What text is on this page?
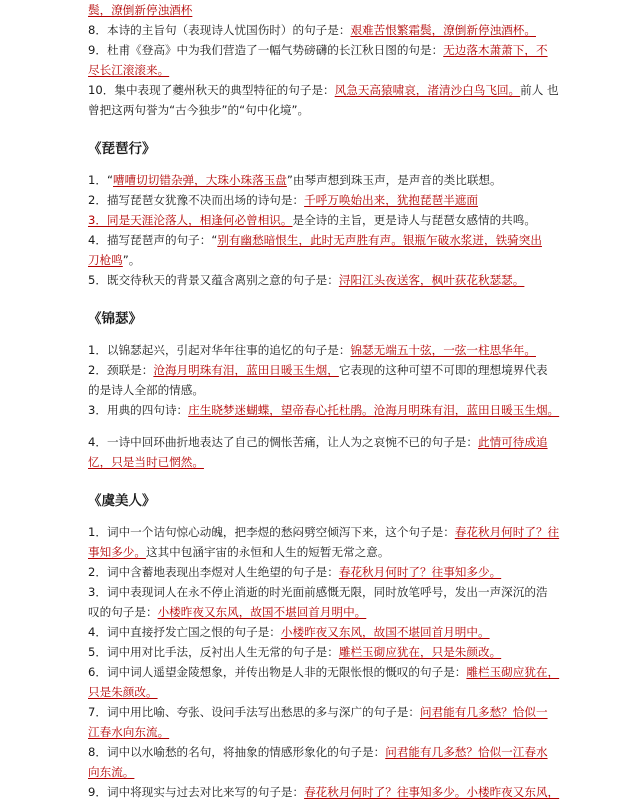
鬓，潦倒新停浊酒杯
8．本诗的主旨句（表现诗人忧国伤时）的句子是：艰难苦恨繁霜鬓，潦倒新停浊酒杯。
9．杜甫《登高》中为我们营造了一幅气势磅礴的长江秋日图的句是：无边落木萧萧下，不
尽长江滚滚来。
10．集中表现了夔州秋天的典型特征的句子是：风急天高猿啸哀，渚清沙白鸟飞回。前人 也
曾把这两句誉为“古今独步”的“句中化境”。
《琵琶行》
1．“嘈嘈切切错杂弹，大珠小珠落玉盘”由琴声想到珠玉声，是声音的类比联想。
2．描写琵琶女犹豫不决而出场的诗句是：千呼万唤始出来，犹抱琵琶半遮面
3．同是天涯沦落人，相逢何必曾相识。是全诗的主旨，更是诗人与琵琶女感情的共鸣。
4．描写琵琶声的句子：“别有幽愁暗恨生，此时无声胜有声。银瓶乍破水浆迸，铁骑突出
刀枪鸣”。
5．既交待秋天的背景又蕴含离别之意的句子是：浔阳江头夜送客，枫叶荻花秋瑟瑟。
《锦瑟》
1．以锦瑟起兴，引起对华年往事的追忆的句子是：锦瑟无端五十弦，一弦一柱思华年。
2．颈联是：沧海月明珠有泪，蓝田日暖玉生烟，它表现的这种可望不可即的理想境界代表
的是诗人全部的情感。
3．用典的四句诗：庄生晓梦迷蝴蝶，望帝春心托杜鹃。沧海月明珠有泪，蓝田日暖玉生烟。
4．一诗中回环曲折地表达了自己的惆怅苦痛，让人为之哀惋不已的句子是：此情可待成追
忆，只是当时已惘然。
《虞美人》
1．词中一个诘句惊心动魄，把李煜的愁闷劈空倾泻下来，这个句子是：春花秋月何时了？往
事知多少。这其中包涵宇宙的永恒和人生的短暂无常之意。
2．词中含蓄地表现出李煜对人生绝望的句子是：春花秋月何时了？往事知多少。
3．词中表现词人在永不停止消逝的时光面前感慨无限，同时放笔呼号，发出一声深沉的浩
叹的句子是：小楼昨夜又东风，故国不堪回首月明中。
4．词中直接抒发亡国之恨的句子是：小楼昨夜又东风，故国不堪回首月明中。
5．词中用对比手法，反衬出人生无常的句子是：雕栏玉砌应犹在，只是朱颜改。
6．词中词人遥望金陵想象，并传出物是人非的无限怅恨的慨叹的句子是：雕栏玉砌应犹在，
只是朱颜改。
7．词中用比喻、夸张、设问手法写出愁思的多与深广的句子是：问君能有几多愁？恰似一
江春水向东流。
8．词中以水喻愁的名句，将抽象的情感形象化的句子是：问君能有几多愁？恰似一江春水
向东流。
9．词中将现实与过去对比来写的句子是：春花秋月何时了？往事知多少。小楼昨夜又东风，
